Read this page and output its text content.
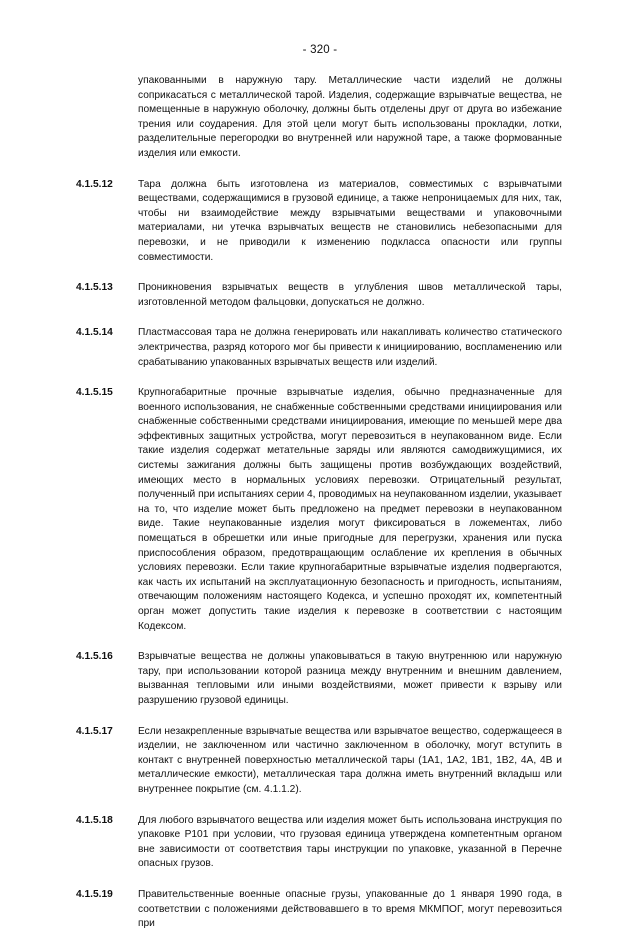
- 320 -
упакованными в наружную тару. Металлические части изделий не должны соприкасаться с металлической тарой. Изделия, содержащие взрывчатые вещества, не помещенные в наружную оболочку, должны быть отделены друг от друга во избежание трения или соударения. Для этой цели могут быть использованы прокладки, лотки, разделительные перегородки во внутренней или наружной таре, а также формованные изделия или емкости.
4.1.5.12	Тара должна быть изготовлена из материалов, совместимых с взрывчатыми веществами, содержащимися в грузовой единице, а также непроницаемых для них, так, чтобы ни взаимодействие между взрывчатыми веществами и упаковочными материалами, ни утечка взрывчатых веществ не становились небезопасными для перевозки, и не приводили к изменению подкласса опасности или группы совместимости.
4.1.5.13	Проникновения взрывчатых веществ в углубления швов металлической тары, изготовленной методом фальцовки, допускаться не должно.
4.1.5.14	Пластмассовая тара не должна генерировать или накапливать количество статического электричества, разряд которого мог бы привести к инициированию, воспламенению или срабатыванию упакованных взрывчатых веществ или изделий.
4.1.5.15	Крупногабаритные прочные взрывчатые изделия, обычно предназначенные для военного использования, не снабженные собственными средствами инициирования или снабженные собственными средствами инициирования, имеющие по меньшей мере два эффективных защитных устройства, могут перевозиться в неупакованном виде. Если такие изделия содержат метательные заряды или являются самодвижущимися, их системы зажигания должны быть защищены против возбуждающих воздействий, имеющих место в нормальных условиях перевозки. Отрицательный результат, полученный при испытаниях серии 4, проводимых на неупакованном изделии, указывает на то, что изделие может быть предложено на предмет перевозки в неупакованном виде. Такие неупакованные изделия могут фиксироваться в ложементах, либо помещаться в обрешетки или иные пригодные для перегрузки, хранения или пуска приспособления образом, предотвращающим ослабление их крепления в обычных условиях перевозки. Если такие крупногабаритные взрывчатые изделия подвергаются, как часть их испытаний на эксплуатационную безопасность и пригодность, испытаниям, отвечающим положениям настоящего Кодекса, и успешно проходят их, компетентный орган может допустить такие изделия к перевозке в соответствии с настоящим Кодексом.
4.1.5.16	Взрывчатые вещества не должны упаковываться в такую внутреннюю или наружную тару, при использовании которой разница между внутренним и внешним давлением, вызванная тепловыми или иными воздействиями, может привести к взрыву или разрушению грузовой единицы.
4.1.5.17	Если незакрепленные взрывчатые вещества или взрывчатое вещество, содержащееся в изделии, не заключенном или частично заключенном в оболочку, могут вступить в контакт с внутренней поверхностью металлической тары (1A1, 1A2, 1B1, 1B2, 4A, 4B и металлические емкости), металлическая тара должна иметь внутренний вкладыш или внутреннее покрытие (см. 4.1.1.2).
4.1.5.18	Для любого взрывчатого вещества или изделия может быть использована инструкция по упаковке P101 при условии, что грузовая единица утверждена компетентным органом вне зависимости от соответствия тары инструкции по упаковке, указанной в Перечне опасных грузов.
4.1.5.19	Правительственные военные опасные грузы, упакованные до 1 января 1990 года, в соответствии с положениями действовавшего в то время МКМПОГ, могут перевозиться при
